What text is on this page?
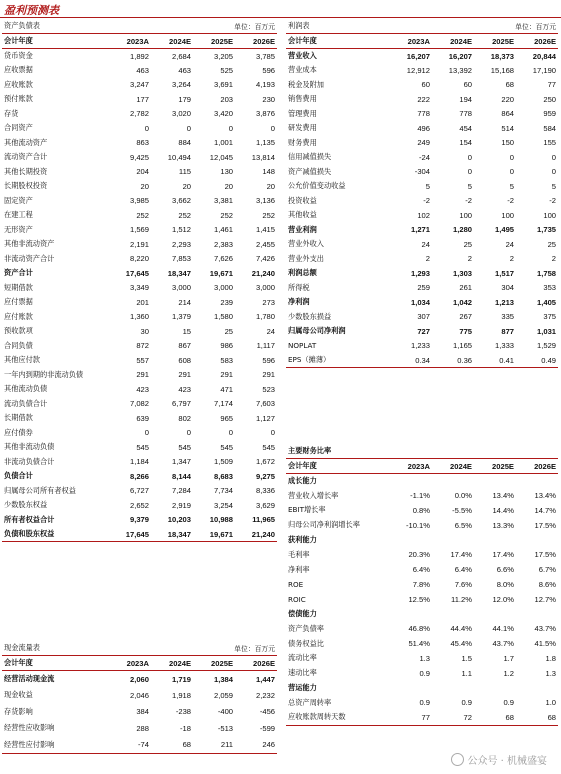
盈利预测表
资产负债表			单位：百万元	
会计年度	2023A	2024E	2025E	2026E
货币资金	1,892	2,684	3,205	3,785
应收票据	463	463	525	596
应收账款	3,247	3,264	3,691	4,193
预付账款	177	179	203	230
存货	2,782	3,020	3,420	3,876
合同资产	0	0	0	0
其他流动资产	863	884	1,001	1,135
流动资产合计	9,425	10,494	12,045	13,814
其他长期投资	204	115	130	148
长期股权投资	20	20	20	20
固定资产	3,985	3,662	3,381	3,136
在建工程	252	252	252	252
无形资产	1,569	1,512	1,461	1,415
其他非流动资产	2,191	2,293	2,383	2,455
非流动资产合计	8,220	7,853	7,626	7,426
资产合计	17,645	18,347	19,671	21,240
短期借款	3,349	3,000	3,000	3,000
应付票据	201	214	239	273
应付账款	1,360	1,379	1,580	1,780
预收款项	30	15	25	24
合同负债	872	867	986	1,117
其他应付款	557	608	583	596
一年内到期的非流动负债	291	291	291	291
其他流动负债	423	423	471	523
流动负债合计	7,082	6,797	7,174	7,603
长期借款	639	802	965	1,127
应付债券	0	0	0	0
其他非流动负债	545	545	545	545
非流动负债合计	1,184	1,347	1,509	1,672
负债合计	8,266	8,144	8,683	9,275
归属母公司所有者权益	6,727	7,284	7,734	8,336
少数股东权益	2,652	2,919	3,254	3,629
所有者权益合计	9,379	10,203	10,988	11,965
负债和股东权益	17,645	18,347	19,671	21,240
利润表			单位：百万元	
会计年度	2023A	2024E	2025E	2026E
营业收入	16,207	16,207	18,373	20,844
营业成本	12,912	13,392	15,168	17,190
税金及附加	60	60	68	77
销售费用	222	194	220	250
管理费用	778	778	864	959
研发费用	496	454	514	584
财务费用	249	154	150	155
信用减值损失	-24	0	0	0
资产减值损失	-304	0	0	0
公允价值变动收益	5	5	5	5
投资收益	-2	-2	-2	-2
其他收益	102	100	100	100
营业利润	1,271	1,280	1,495	1,735
营业外收入	24	25	24	25
营业外支出	2	2	2	2
利润总额	1,293	1,303	1,517	1,758
所得税	259	261	304	353
净利润	1,034	1,042	1,213	1,405
少数股东损益	307	267	335	375
归属母公司净利润	727	775	877	1,031
NOPLAT	1,233	1,165	1,333	1,529
EPS（摊薄）	0.34	0.36	0.41	0.49
主要财务比率				
会计年度	2023A	2024E	2025E	2026E
成长能力				
营业收入增长率	-1.1%	0.0%	13.4%	13.4%
EBIT增长率	0.8%	-5.5%	14.4%	14.7%
归母公司净利润增长率	-10.1%	6.5%	13.3%	17.5%
获利能力				
毛利率	20.3%	17.4%	17.4%	17.5%
净利率	6.4%	6.4%	6.6%	6.7%
ROE	7.8%	7.6%	8.0%	8.6%
ROIC	12.5%	11.2%	12.0%	12.7%
偿债能力				
资产负债率	46.8%	44.4%	44.1%	43.7%
债务权益比	51.4%	45.4%	43.7%	41.5%
流动比率	1.3	1.5	1.7	1.8
速动比率	0.9	1.1	1.2	1.3
营运能力				
总资产周转率	0.9	0.9	0.9	1.0
应收账款周转天数	77	72	68	68
现金流量表			单位：百万元	
会计年度	2023A	2024E	2025E	2026E
经营活动现金流	2,060	1,719	1,384	1,447
现金收益	2,046	1,918	2,059	2,232
存货影响	384	-238	-400	-456
经营性应收影响	288	-18	-513	-599
经营性应付影响	-74	68	211	246
公众号 · 机械盛宴
